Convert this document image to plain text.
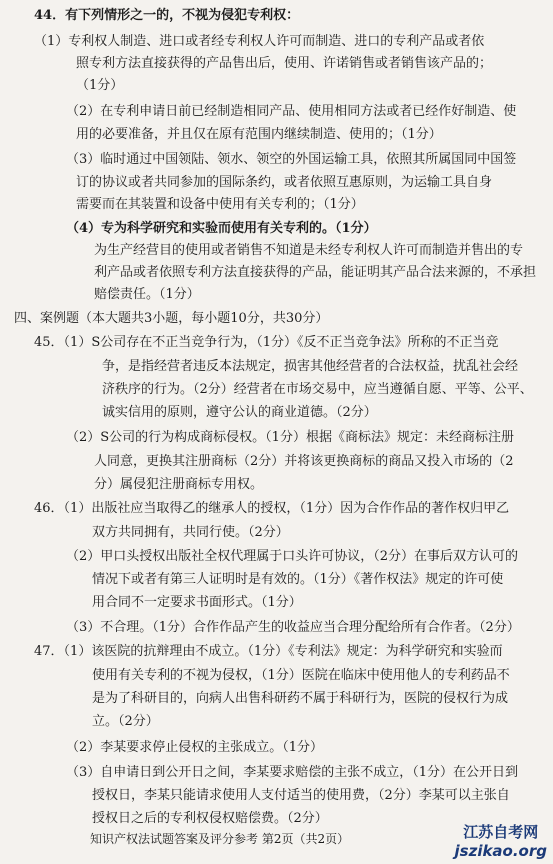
44．有下列情形之一的，不视为侵犯专利权：
（1）专利权人制造、进口或者经专利权人许可而制造、进口的专利产品或者依
照专利方法直接获得的产品售出后，使用、许诺销售或者销售该产品的；
（1分）
（2）在专利申请日前已经制造相同产品、使用相同方法或者已经作好制造、使
用的必要准备，并且仅在原有范围内继续制造、使用的；（1分）
（3）临时通过中国领陆、领水、领空的外国运输工具，依照其所属国同中国签
订的协议或者共同参加的国际条约，或者依照互惠原则，为运输工具自身
需要而在其装置和设备中使用有关专利的；（1分）
（4）专为科学研究和实验而使用有关专利的。（1分）
为生产经营目的使用或者销售不知道是未经专利权人许可而制造并售出的专
利产品或者依照专利方法直接获得的产品，能证明其产品合法来源的，不承担
赔偿责任。（1分）
四、案例题（本大题共3小题，每小题10分，共30分）
45．（1）S公司存在不正当竞争行为，（1分）《反不正当竞争法》所称的不正当竞
争，是指经营者违反本法规定，损害其他经营者的合法权益，扰乱社会经
济秩序的行为。（2分）经营者在市场交易中，应当遵循自愿、平等、公平、
诚实信用的原则，遵守公认的商业道德。（2分）
（2）S公司的行为构成商标侵权。（1分）根据《商标法》规定：未经商标注册
人同意，更换其注册商标（2分）并将该更换商标的商品又投入市场的（2
分）属侵犯注册商标专用权。
46．（1）出版社应当取得乙的继承人的授权，（1分）因为合作作品的著作权归甲乙
双方共同拥有，共同行使。（2分）
（2）甲口头授权出版社全权代理属于口头许可协议，（2分）在事后双方认可的
情况下或者有第三人证明时是有效的。（1分）《著作权法》规定的许可使
用合同不一定要求书面形式。（1分）
（3）不合理。（1分）合作作品产生的收益应当合理分配给所有合作者。（2分）
47．（1）该医院的抗辩理由不成立。（1分）《专利法》规定：为科学研究和实验而
使用有关专利的不视为侵权，（1分）医院在临床中使用他人的专利药品不
是为了科研目的，向病人出售科研药不属于科研行为，医院的侵权行为成
立。（2分）
（2）李某要求停止侵权的主张成立。（1分）
（3）自申请日到公开日之间，李某要求赔偿的主张不成立，（1分）在公开日到
授权日，李某只能请求使用人支付适当的使用费，（2分）李某可以主张自
授权日之后的专利权侵权赔偿费。（2分）
知识产权法试题答案及评分参考 第2页（共2页）	江苏自考网
jszikao.org
